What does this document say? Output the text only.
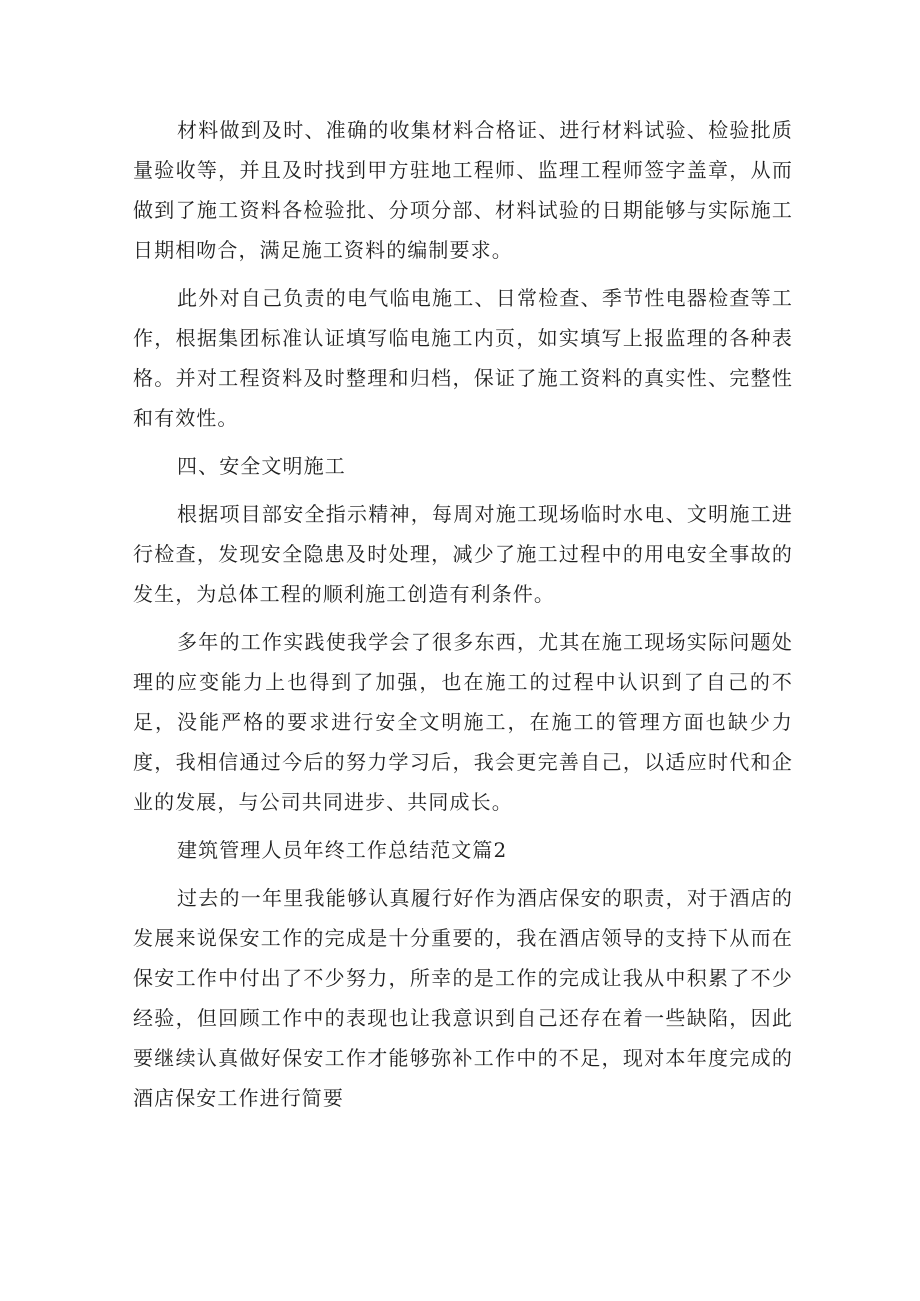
材料做到及时、准确的收集材料合格证、进行材料试验、检验批质量验收等，并且及时找到甲方驻地工程师、监理工程师签字盖章，从而做到了施工资料各检验批、分项分部、材料试验的日期能够与实际施工日期相吻合，满足施工资料的编制要求。

此外对自己负责的电气临电施工、日常检查、季节性电器检查等工作，根据集团标准认证填写临电施工内页，如实填写上报监理的各种表格。并对工程资料及时整理和归档，保证了施工资料的真实性、完整性和有效性。

四、安全文明施工

根据项目部安全指示精神，每周对施工现场临时水电、文明施工进行检查，发现安全隐患及时处理，减少了施工过程中的用电安全事故的发生，为总体工程的顺利施工创造有利条件。

多年的工作实践使我学会了很多东西，尤其在施工现场实际问题处理的应变能力上也得到了加强，也在施工的过程中认识到了自己的不足，没能严格的要求进行安全文明施工，在施工的管理方面也缺少力度，我相信通过今后的努力学习后，我会更完善自己，以适应时代和企业的发展，与公司共同进步、共同成长。

建筑管理人员年终工作总结范文篇2

过去的一年里我能够认真履行好作为酒店保安的职责，对于酒店的发展来说保安工作的完成是十分重要的，我在酒店领导的支持下从而在保安工作中付出了不少努力，所幸的是工作的完成让我从中积累了不少经验，但回顾工作中的表现也让我意识到自己还存在着一些缺陷，因此要继续认真做好保安工作才能够弥补工作中的不足，现对本年度完成的酒店保安工作进行简要
